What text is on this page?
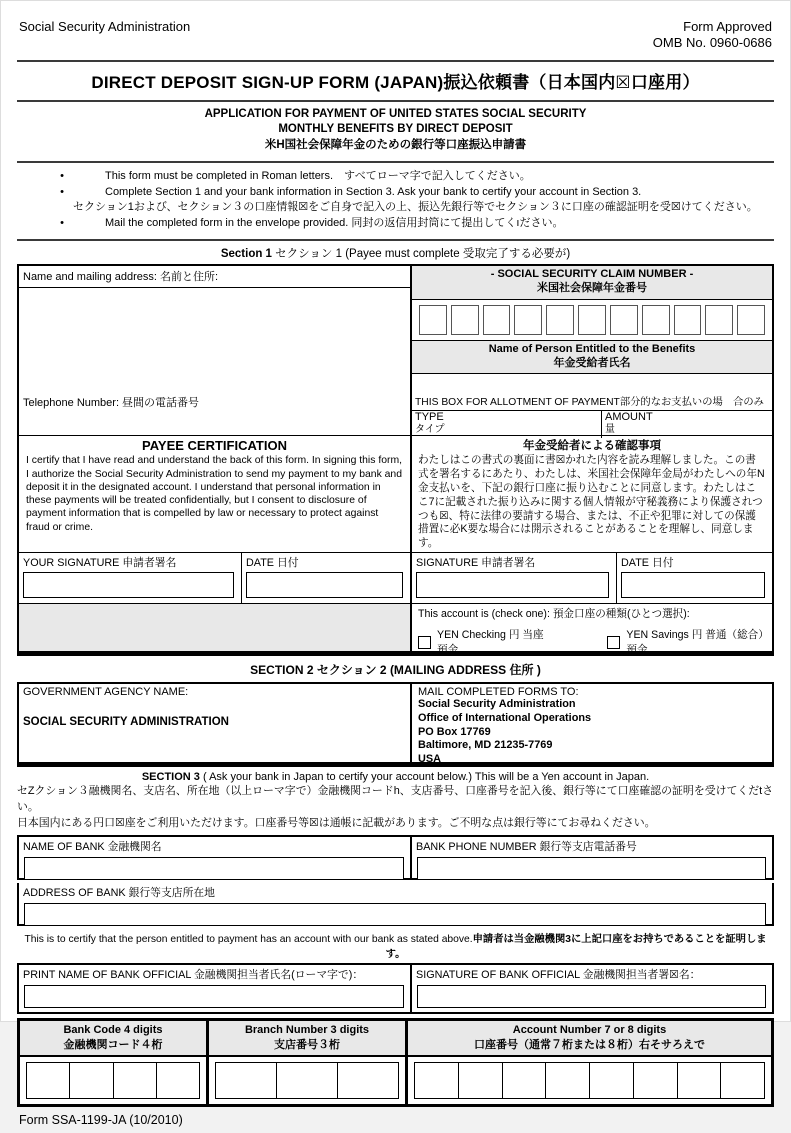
Social Security Administration	Form Approved
OMB No. 0960-0686
DIRECT DEPOSIT SIGN-UP FORM (JAPAN)振込依頼書（日本国内☒口座用）
APPLICATION FOR PAYMENT OF UNITED STATES SOCIAL SECURITY
MONTHLY BENEFITS BY DIRECT DEPOSIT
米H国社会保障年金のための銀行等口座振込申請書
•	This form must be completed in Roman letters.　すべてローマ字で記入してください。
•	Complete Section 1 and your bank information in Section 3. Ask your bank to certify your account in Section 3.
セクション1および、セクション３の口座情報☒をご自身で記入の上、振込先銀行等でセクション３に口座の確認証明を受☒けてください。
•	Mail the completed form in the envelope provided. 同封の返信用封筒にて提出してくıださい。
Section 1 セクション 1 (Payee must complete 受取完了する必要が)
Name and mailing address: 名前と住所:	- SOCIAL SECURITY CLAIM NUMBER -
米国社会保障年金番号
Name of Person Entitled to the Benefits
年金受給者氏名
Telephone Number: 昼間の電話番号	THIS BOX FOR ALLOTMENT OF PAYMENT部分的なお支払いの場　合のみ
TYPE
タイプ
AMOUNT
量
PAYEE CERTIFICATION
I certify that I have read and understand the back of this form. In signing this form, I authorize the Social Security Administration to send my payment to my bank and deposit it in the designated account. I understand that personal information in these payments will be treated confidentially, but I consent to disclosure of payment information that is compelled by law or necessary to protect against fraud or crime.
年金受給者による確認事項
わたしはこの書式の裏面に書☒かれた内容を読み理解しました。この書式を署名するにあたり、わたしは、米国社会保障年金局がわたしへの年N金支払いを、下記の銀行口座に振り込むことに同意します。わたしはここ7に記載された振り込みに関する個人情報が守秘義務により保護されつつも☒、特に法律の要請する場合、または、不正や犯罪に対しての保護措置に必K要な場合には開示されることがあることを理解し、同意します。
YOUR SIGNATURE 申請者署名	DATE 日付	SIGNATURE 申請者署名	DATE 日付
This account is (check one): 預金口座の種類(ひとつ選択):
YEN Checking 円 当座預金
YEN Savings 円 普通（総合）預金
SECTION 2 セクション 2 (MAILING ADDRESS 住所 )
GOVERNMENT AGENCY NAME:
SOCIAL SECURITY ADMINISTRATION
MAIL COMPLETED FORMS TO:
Social Security Administration
Office of International Operations
PO Box 17769
Baltimore, MD 21235-7769
USA
SECTION 3 ( Ask your bank in Japan to certify your account below.) This will be a Yen account in Japan.
セZクション３融機関名、支店名、所在地（以上ローマ字で）金融機関コードh、支店番号、口座番号を記入後、銀行等にて口座確認の証明を受けてくだtさい。
日本国内にある円口☒座をご利用いただけます。口座番号等☒は通帳に記載があります。ご不明な点は銀行等にてお尋ねください。
NAME OF BANK 金融機関名	BANK PHONE NUMBER 銀行等支店電話番号
ADDRESS OF BANK 銀行等支店所在地
This is to certify that the person entitled to payment has an account with our bank as stated above.申請者は当金融機関3に上記口座をお持ちであることを証明します。
PRINT NAME OF BANK OFFICIAL 金融機関担当者氏名(ローマ字で)：	SIGNATURE OF BANK OFFICIAL 金融機関担当者署☒名：
Bank Code 4 digits
金融機関コード４桁
Branch Number 3 digits
支店番号３桁
Account Number 7 or 8 digits
口座番号（通常７桁または８桁）右そサろえで
Form SSA-1199-JA (10/2010)
